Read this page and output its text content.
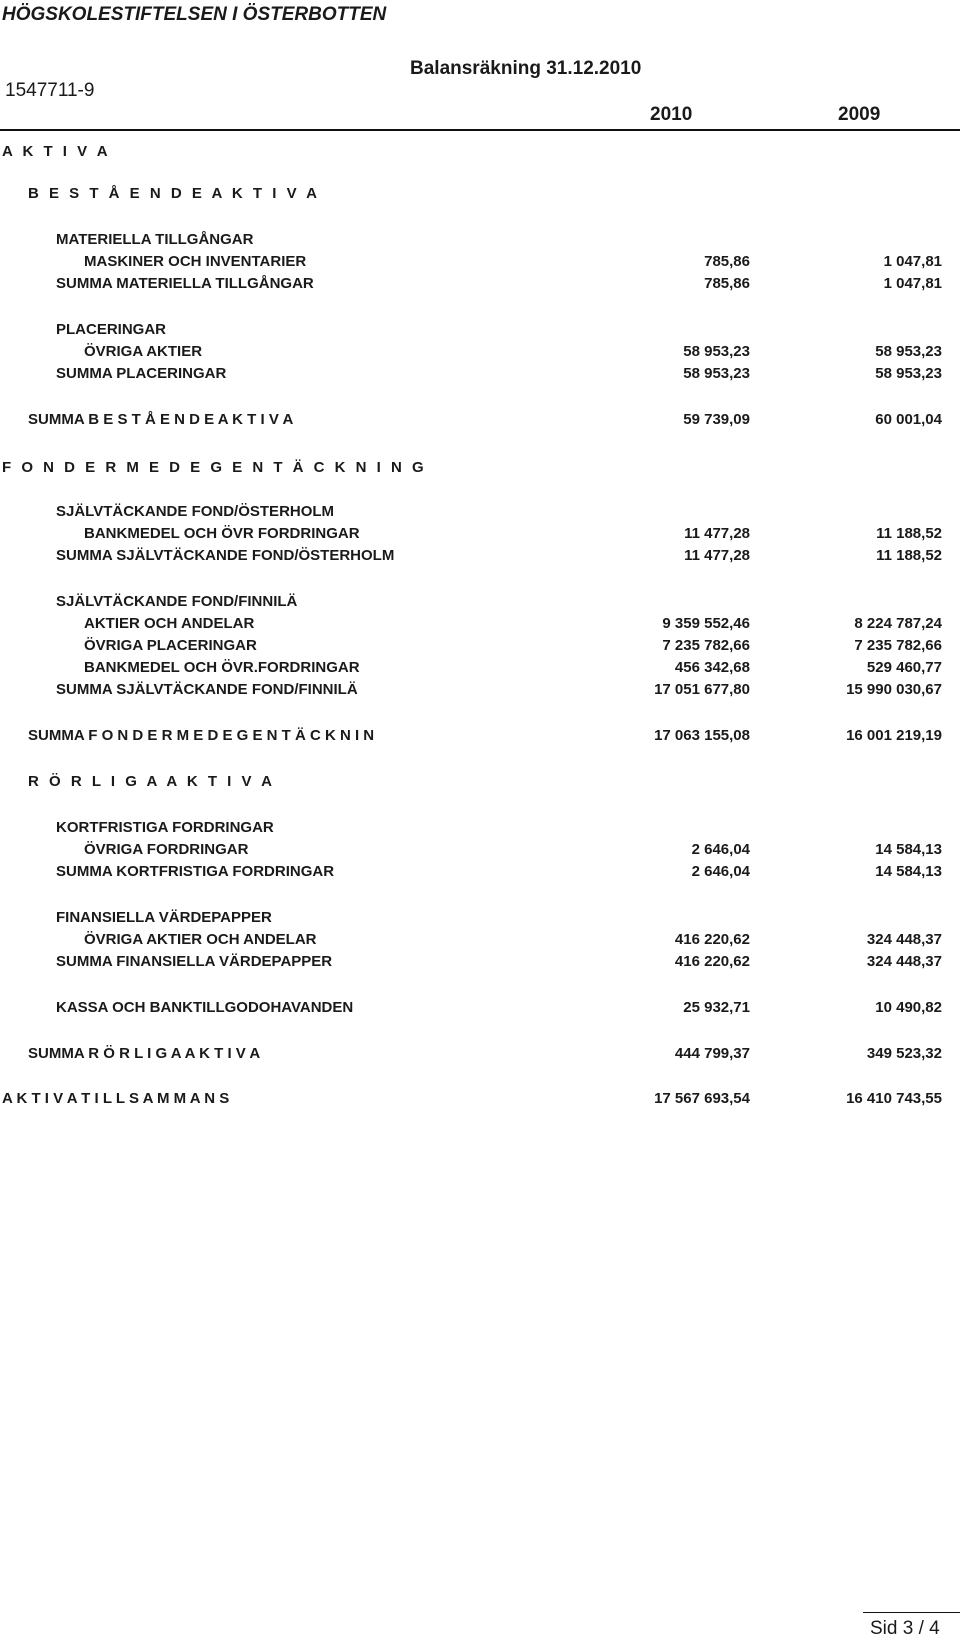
HÖGSKOLESTIFTELSEN I ÖSTERBOTTEN
Balansräkning 31.12.2010
1547711-9
2010	2009
A K T I V A
B E S T Å E N D E A K T I V A
MATERIELLA TILLGÅNGAR
MASKINER OCH INVENTARIER	785,86	1 047,81
SUMMA MATERIELLA TILLGÅNGAR	785,86	1 047,81
PLACERINGAR
ÖVRIGA AKTIER	58 953,23	58 953,23
SUMMA PLACERINGAR	58 953,23	58 953,23
SUMMA B E S T Å E N D E A K T I V A	59 739,09	60 001,04
F O N D E R M E D E G E N T Ä C K N I N G
SJÄLVTÄCKANDE FOND/ÖSTERHOLM
BANKMEDEL OCH ÖVR FORDRINGAR	11 477,28	11 188,52
SUMMA SJÄLVTÄCKANDE FOND/ÖSTERHOLM	11 477,28	11 188,52
SJÄLVTÄCKANDE FOND/FINNILÄ
AKTIER OCH ANDELAR	9 359 552,46	8 224 787,24
ÖVRIGA PLACERINGAR	7 235 782,66	7 235 782,66
BANKMEDEL OCH ÖVR.FORDRINGAR	456 342,68	529 460,77
SUMMA SJÄLVTÄCKANDE FOND/FINNILÄ	17 051 677,80	15 990 030,67
SUMMA F O N D E R M E D E G E N T Ä C K N I N	17 063 155,08	16 001 219,19
R Ö R L I G A A K T I V A
KORTFRISTIGA FORDRINGAR
ÖVRIGA FORDRINGAR	2 646,04	14 584,13
SUMMA KORTFRISTIGA FORDRINGAR	2 646,04	14 584,13
FINANSIELLA VÄRDEPAPPER
ÖVRIGA AKTIER OCH ANDELAR	416 220,62	324 448,37
SUMMA FINANSIELLA VÄRDEPAPPER	416 220,62	324 448,37
KASSA OCH BANKTILLGODOHAVANDEN	25 932,71	10 490,82
SUMMA R Ö R L I G A A K T I V A	444 799,37	349 523,32
A K T I V A T I L L S A M M A N S	17 567 693,54	16 410 743,55
Sid 3 / 4
